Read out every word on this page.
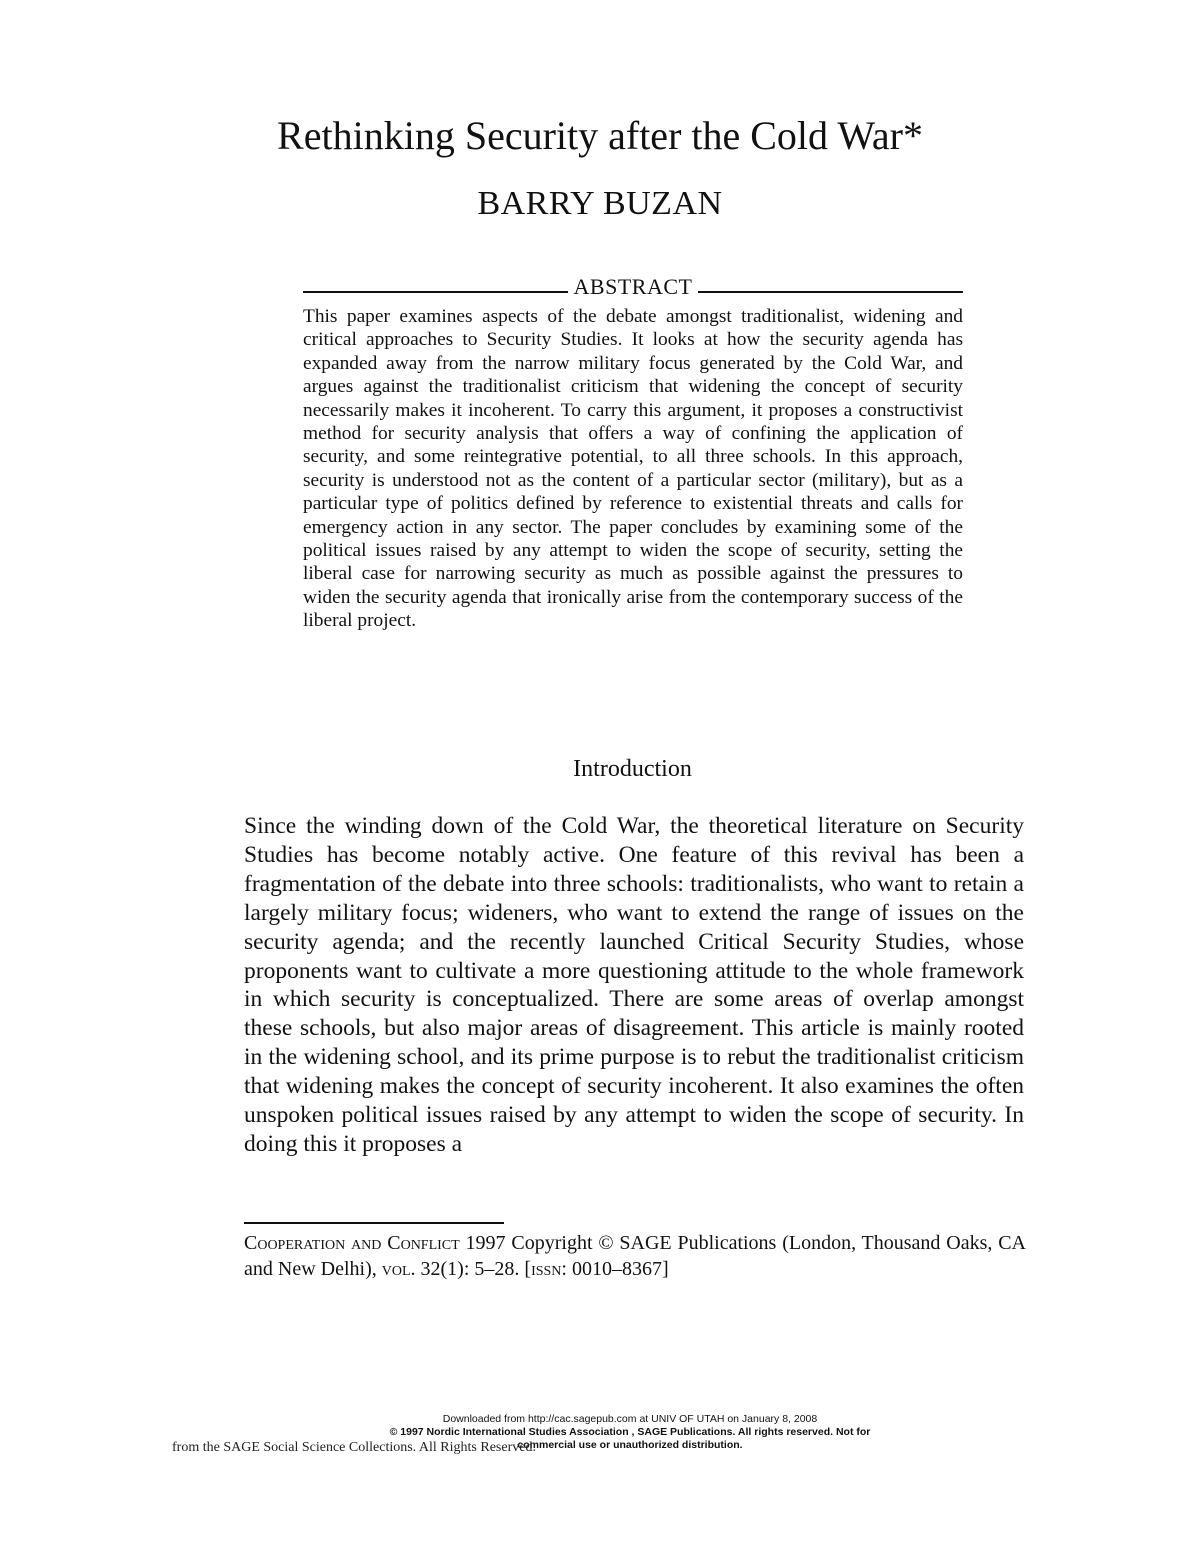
Rethinking Security after the Cold War*
BARRY BUZAN
ABSTRACT

This paper examines aspects of the debate amongst traditionalist, widening and critical approaches to Security Studies. It looks at how the security agenda has expanded away from the narrow military focus generated by the Cold War, and argues against the traditionalist criticism that widening the concept of security necessarily makes it incoherent. To carry this argument, it proposes a constructivist method for security analysis that offers a way of confining the application of security, and some reintegrative potential, to all three schools. In this approach, security is understood not as the content of a particular sector (military), but as a particular type of politics defined by reference to existential threats and calls for emergency action in any sector. The paper concludes by examining some of the political issues raised by any attempt to widen the scope of security, setting the liberal case for narrowing security as much as possible against the pressures to widen the security agenda that ironically arise from the contemporary success of the liberal project.

Introduction

Since the winding down of the Cold War, the theoretical literature on Security Studies has become notably active. One feature of this revival has been a fragmentation of the debate into three schools: traditionalists, who want to retain a largely military focus; wideners, who want to extend the range of issues on the security agenda; and the recently launched Critical Security Studies, whose proponents want to cultivate a more questioning attitude to the whole framework in which security is conceptualized. There are some areas of overlap amongst these schools, but also major areas of disagreement. This article is mainly rooted in the widening school, and its prime purpose is to rebut the traditionalist criticism that widening makes the concept of security incoherent. It also examines the often unspoken political issues raised by any attempt to widen the scope of security. In doing this it proposes a

Cooperation and Conflict 1997 Copyright © SAGE Publications (London, Thousand Oaks, CA and New Delhi), vol. 32(1): 5–28. [issn: 0010–8367]

Downloaded from http://cac.sagepub.com at UNIV OF UTAH on January 8, 2008
© 1997 Nordic International Studies Association , SAGE Publications. All rights reserved. Not for
commercial use or unauthorized distribution.

from the SAGE Social Science Collections. All Rights Reserved.
